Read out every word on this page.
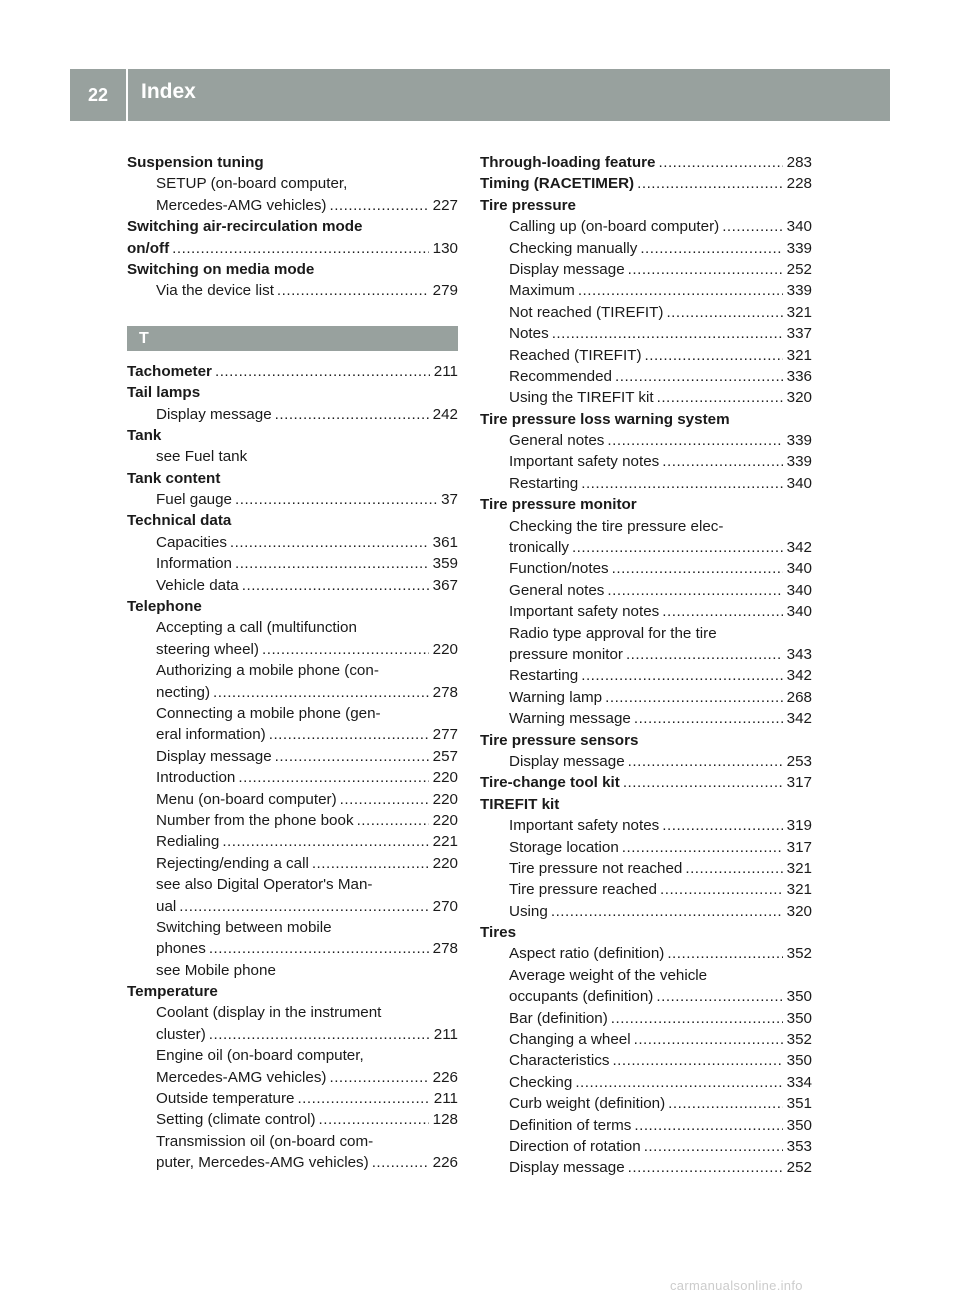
22	Index
Suspension tuning
SETUP (on-board computer,
Mercedes-AMG vehicles) .....	227
Switching air-recirculation mode
on/off .....	130
Switching on media mode
Via the device list .....	279
T
Tachometer .....	211
Tail lamps
Display message .....	242
Tank
see Fuel tank
Tank content
Fuel gauge .....	37
Technical data
Capacities .....	361
Information .....	359
Vehicle data .....	367
Telephone
Accepting a call (multifunction
steering wheel) .....	220
Authorizing a mobile phone (con-
necting) .....	278
Connecting a mobile phone (gen-
eral information) .....	277
Display message .....	257
Introduction .....	220
Menu (on-board computer) .....	220
Number from the phone book .....	220
Redialing .....	221
Rejecting/ending a call .....	220
see also Digital Operator's Man-
ual .....	270
Switching between mobile
phones .....	278
see Mobile phone
Temperature
Coolant (display in the instrument
cluster) .....	211
Engine oil (on-board computer,
Mercedes-AMG vehicles) .....	226
Outside temperature .....	211
Setting (climate control) .....	128
Transmission oil (on-board com-
puter, Mercedes-AMG vehicles) .....	226
Through-loading feature .....	283
Timing (RACETIMER) .....	228
Tire pressure
Calling up (on-board computer) .....	340
Checking manually .....	339
Display message .....	252
Maximum .....	339
Not reached (TIREFIT) .....	321
Notes .....	337
Reached (TIREFIT) .....	321
Recommended .....	336
Using the TIREFIT kit .....	320
Tire pressure loss warning system
General notes .....	339
Important safety notes .....	339
Restarting .....	340
Tire pressure monitor
Checking the tire pressure elec-
tronically .....	342
Function/notes .....	340
General notes .....	340
Important safety notes .....	340
Radio type approval for the tire
pressure monitor .....	343
Restarting .....	342
Warning lamp .....	268
Warning message .....	342
Tire pressure sensors
Display message .....	253
Tire-change tool kit .....	317
TIREFIT kit
Important safety notes .....	319
Storage location .....	317
Tire pressure not reached .....	321
Tire pressure reached .....	321
Using .....	320
Tires
Aspect ratio (definition) .....	352
Average weight of the vehicle
occupants (definition) .....	350
Bar (definition) .....	350
Changing a wheel .....	352
Characteristics .....	350
Checking .....	334
Curb weight (definition) .....	351
Definition of terms .....	350
Direction of rotation .....	353
Display message .....	252
carmanualsonline.info
